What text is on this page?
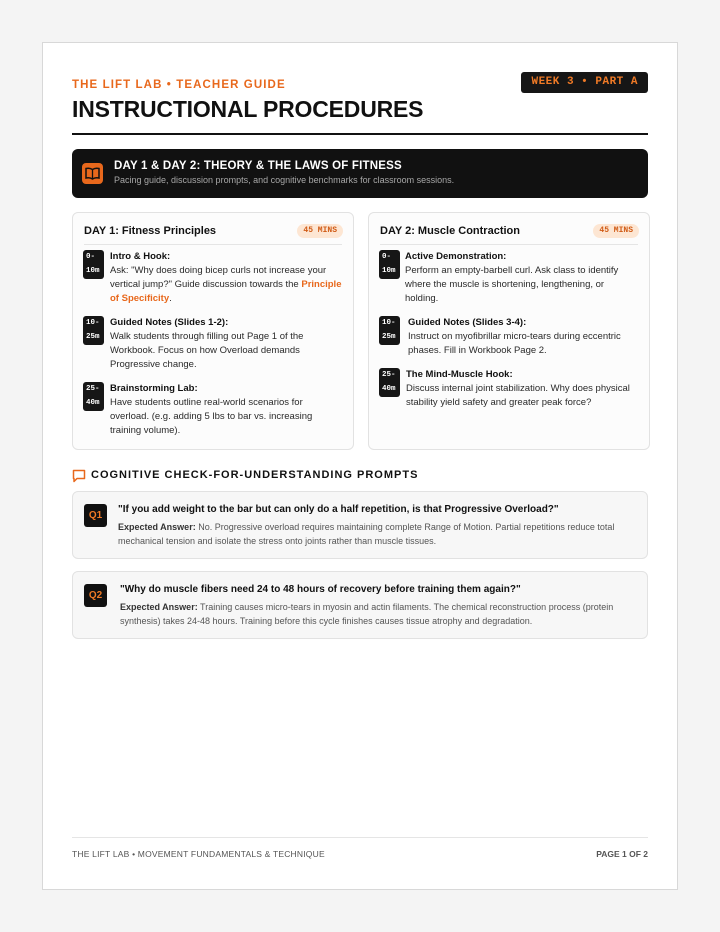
THE LIFT LAB • TEACHER GUIDE	WEEK 3 • PART A
INSTRUCTIONAL PROCEDURES
DAY 1 & DAY 2: THEORY & THE LAWS OF FITNESS
Pacing guide, discussion prompts, and cognitive benchmarks for classroom sessions.
DAY 1: Fitness Principles	45 MINS
0-
10m
Intro & Hook:
Ask: "Why does doing bicep curls not increase your vertical jump?" Guide discussion towards the Principle of Specificity.
10-
25m
Guided Notes (Slides 1-2):
Walk students through filling out Page 1 of the Workbook. Focus on how Overload demands Progressive change.
25-
40m
Brainstorming Lab:
Have students outline real-world scenarios for overload. (e.g. adding 5 lbs to bar vs. increasing training volume).
DAY 2: Muscle Contraction	45 MINS
0-
10m
Active Demonstration:
Perform an empty-barbell curl. Ask class to identify where the muscle is shortening, lengthening, or holding.
10-
25m
Guided Notes (Slides 3-4):
Instruct on myofibrillar micro-tears during eccentric phases. Fill in Workbook Page 2.
25-
40m
The Mind-Muscle Hook:
Discuss internal joint stabilization. Why does physical stability yield safety and greater peak force?
COGNITIVE CHECK-FOR-UNDERSTANDING PROMPTS
Q1
"If you add weight to the bar but can only do a half repetition, is that Progressive Overload?"
Expected Answer: No. Progressive overload requires maintaining complete Range of Motion. Partial repetitions reduce total mechanical tension and isolate the stress onto joints rather than muscle tissues.
Q2
"Why do muscle fibers need 24 to 48 hours of recovery before training them again?"
Expected Answer: Training causes micro-tears in myosin and actin filaments. The chemical reconstruction process (protein synthesis) takes 24-48 hours. Training before this cycle finishes causes tissue atrophy and degradation.
THE LIFT LAB • MOVEMENT FUNDAMENTALS & TECHNIQUE	PAGE 1 OF 2
